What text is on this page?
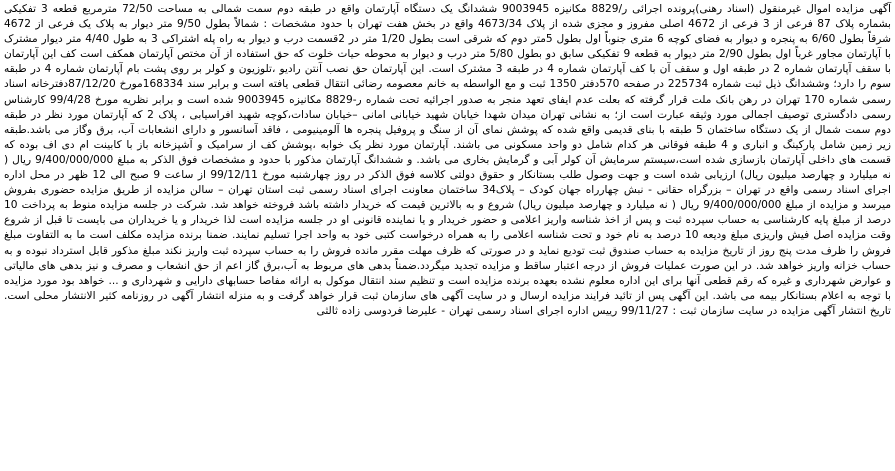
آگهی مزایده اموال غیرمنقول (اسناد رهنی)پرونده اجرائی ر/8829 مکانیزه 9003945 ششدانگ یک دستگاه آپارتمان واقع در طبقه دوم سمت شمالی به مساحت 72/50 مترمربع قطعه 3 تفکیکی بشماره پلاک 87 فرعی از 3 فرعی از 4672 اصلی مفروز و مجزی شده از پلاک 4673/34 واقع در بخش هفت تهران با حدود مشخصات : شمالاً بطول 9/50 متر دیوار به پلاک یک فرعی از 4672 شرقاً بطول 6/60 به پنجره و دیوار به فضای کوچه 6 متری جنوباً اول بطول 5متر دوم که شرقی است بطول 1/20 متر در 2قسمت درب و دیوار به راه پله اشتراکی 3 به طول 4/40 متر دیوار مشترک با آپارتمان مجاور غرباً اول بطول 2/90 متر دیوار به قطعه 9 تفکیکی سابق دو بطول 5/80 متر درب و دیوار به محوطه حیات خلوت که حق استفاده از آن مختص آپارتمان همکف است کف این آپارتمان با سقف آپارتمان شماره 2 در طبقه اول و سقف آن با کف آپارتمان شماره 4 در طبقه 3 مشترک است. این آپارتمان حق نصب آنتن رادیو ،تلوزیون و کولر بر روی پشت بام آپارتمان شماره 4 در طبقه سوم را دارد؛ وششدانگ ذیل ثبت شماره 225734 در صفحه 570دفتر 1350 ثبت و مع الواسطه به خانم معصومه رضائی انتقال قطعی یافته است و برابر سند 168334مورخ 87/12/20دفترخانه اسناد رسمی شماره 170 تهران در رهن بانک ملت قرار گرفته که بعلت عدم ایفای تعهد منجر به صدور اجرائیه تحت شماره ر-8829 مکانیزه 9003945 شده است و برابر نظریه مورخ 99/4/28 کارشناس رسمی دادگستری توصیف اجمالی مورد وثیقه عبارت است از؛ به نشانی تهران میدان شهدا خیابان شهید خیابانی امانی –خیابان سادات،کوچه شهید افراسیابی ، پلاک 2 که آپارتمان مورد نظر در طبقه دوم سمت شمال از یک دستگاه ساختمان 5 طبقه با بنای قدیمی واقع شده که پوشش نمای آن از سنگ و پروفیل پنجره ها آلومینیومی ، فاقد آسانسور و دارای انشعابات آب، برق وگاز می باشد.طبقه زیر زمین شامل پارکینگ و انباری و 4 طبقه فوقانی هر کدام شامل دو واحد مسکونی می باشند. آپارتمان مورد نظر یک خوابه ،پوشش کف از سرامیک و آشپزخانه باز با کابینت ام دی اف بوده که قسمت های داخلی آپارتمان بازسازی شده است،سیستم سرمایش آن کولر آبی و گرمایش بخاری می باشد. و ششدانگ آپارتمان مذکور با حدود و مشخصات فوق الذکر به مبلغ 9/400/000/000 ریال ( نه میلیارد و چهارصد میلیون ریال) ارزیابی شده است و جهت وصول طلب بستانکار و حقوق دولتی کلاسه فوق الذکر در روز چهارشنبه مورخ 99/12/11 از ساعت 9 صبح الی 12 ظهر در محل اداره اجرای اسناد رسمی واقع در تهران – بزرگراه حقانی - نبش چهارراه جهان کودک – پلاک34 ساختمان معاونت اجرای اسناد رسمی ثبت استان تهران – سالن مزایده از طریق مزایده حضوری بفروش میرسد و مزایده از مبلغ 9/400/000/000 ریال ( نه میلیارد و چهارصد میلیون ریال) شروع و به بالاترین قیمت که خریدار داشته باشد فروخته خواهد شد. شرکت در جلسه مزایده منوط به پرداخت 10 درصد از مبلغ پایه کارشناسی به حساب سپرده ثبت و پس از اخذ شناسه واریز اعلامی و حضور خریدار و یا نماینده قانونی او در جلسه مزایده است لذا خریدار و یا خریداران می بایست تا قبل از شروع وقت مزایده اصل فیش واریزی مبلغ ودیعه 10 درصد به نام خود و تحت شناسه اعلامی را به همراه درخواست کتبی خود به واحد اجرا تسلیم نمایند. ضمنا برنده مزایده مکلف است ما به التفاوت مبلغ فروش را ظرف مدت پنج روز از تاریخ مزایده به حساب صندوق ثبت تودیع نماید و در صورتی که ظرف مهلت مقرر مانده فروش را به حساب سپرده ثبت واریز نکند مبلغ مذکور قابل استرداد نبوده و به حساب خزانه واریز خواهد شد. در این صورت عملیات فروش از درجه اعتبار ساقط و مزایده تجدید میگردد.ضمناً بدهی های مربوط به آب،برق گاز اعم از حق انشعاب و مصرف و نیز بدهی های مالیاتی و عوارض شهرداری و غیره که رقم قطعی آنها برای این اداره معلوم نشده بعهده برنده مزایده است و تنظیم سند انتقال موکول به ارائه مفاصا حسابهای دارایی و شهرداری و ... خواهد بود مورد مزایده با توجه به اعلام بستانکار بیمه می باشد. این آگهی پس از تائید فرایند مزایده ارسال و در سایت آگهی های سازمان ثبت قرار خواهد گرفت و به منزله انتشار آگهی در روزنامه کثیر الانتشار محلی است. تاریخ انتشار آگهی مزایده در سایت سازمان ثبت : 99/11/27 رییس اداره اجرای اسناد رسمی تهران - علیرضا فردوسی زاده ثالثی
